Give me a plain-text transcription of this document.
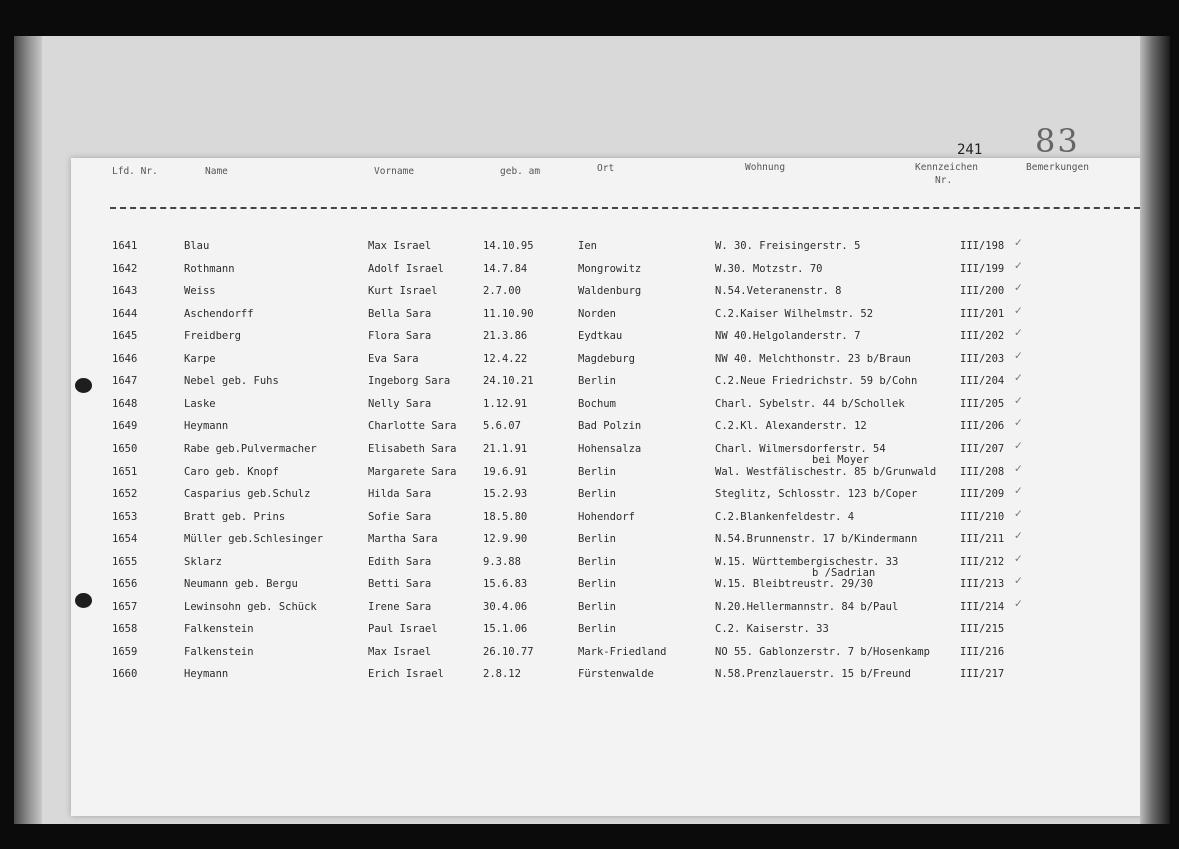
241 83
Lfd. Nr.	Name	Vorname	geb. am	Ort	Wohnung	Kennzeichen
Nr.
Bemerkungen
1641	Blau	Max Israel	14.10.95	Ien	W. 30. Freisingerstr. 5	III/198 ✓
1642	Rothmann	Adolf Israel	14.7.84	Mongrowitz	W.30. Motzstr. 70	III/199 ✓
1643	Weiss	Kurt Israel	2.7.00	Waldenburg	N.54.Veteranenstr. 8	III/200 ✓
1644	Aschendorff	Bella Sara	11.10.90	Norden	C.2.Kaiser Wilhelmstr. 52	III/201 ✓
1645	Freidberg	Flora Sara	21.3.86	Eydtkau	NW 40.Helgolanderstr. 7	III/202 ✓
1646	Karpe	Eva Sara	12.4.22	Magdeburg	NW 40. Melchthonstr. 23 b/Braun	III/203 ✓
1647	Nebel geb. Fuhs	Ingeborg Sara	24.10.21	Berlin	C.2.Neue Friedrichstr. 59 b/Cohn	III/204 ✓
1648	Laske	Nelly Sara	1.12.91	Bochum	Charl. Sybelstr. 44 b/Schollek	III/205 ✓
1649	Heymann	Charlotte Sara	5.6.07	Bad Polzin	C.2.Kl. Alexanderstr. 12	III/206 ✓
1650	Rabe geb.Pulvermacher	Elisabeth Sara	21.1.91	Hohensalza	Charl. Wilmersdorferstr. 54	III/207 ✓
bei Moyer
1651	Caro geb. Knopf	Margarete Sara	19.6.91	Berlin	Wal. Westfälischestr. 85 b/Grunwald III/208 ✓
1652	Casparius geb.Schulz	Hilda Sara	15.2.93	Berlin	Steglitz, Schlosstr. 123 b/Coper	III/209 ✓
1653	Bratt geb. Prins	Sofie Sara	18.5.80	Hohendorf	C.2.Blankenfeldestr. 4	III/210 ✓
1654	Müller geb.Schlesinger	Martha Sara	12.9.90	Berlin	N.54.Brunnenstr. 17 b/Kindermann	III/211 ✓
1655	Sklarz	Edith Sara	9.3.88	Berlin	W.15. Württembergischestr. 33	III/212 ✓
b /Sadrian
1656	Neumann geb. Bergu	Betti Sara	15.6.83	Berlin	W.15. Bleibtreustr. 29/30	III/213 ✓
1657	Lewinsohn geb. Schück	Irene Sara	30.4.06	Berlin	N.20.Hellermannstr. 84 b/Paul	III/214 ✓
1658	Falkenstein	Paul Israel	15.1.06	Berlin	C.2. Kaiserstr. 33	III/215
1659	Falkenstein	Max Israel	26.10.77	Mark-Friedland	NO 55. Gablonzerstr. 7 b/Hosenkamp	III/216
1660	Heymann	Erich Israel	2.8.12	Fürstenwalde	N.58.Prenzlauerstr. 15 b/Freund	III/217
